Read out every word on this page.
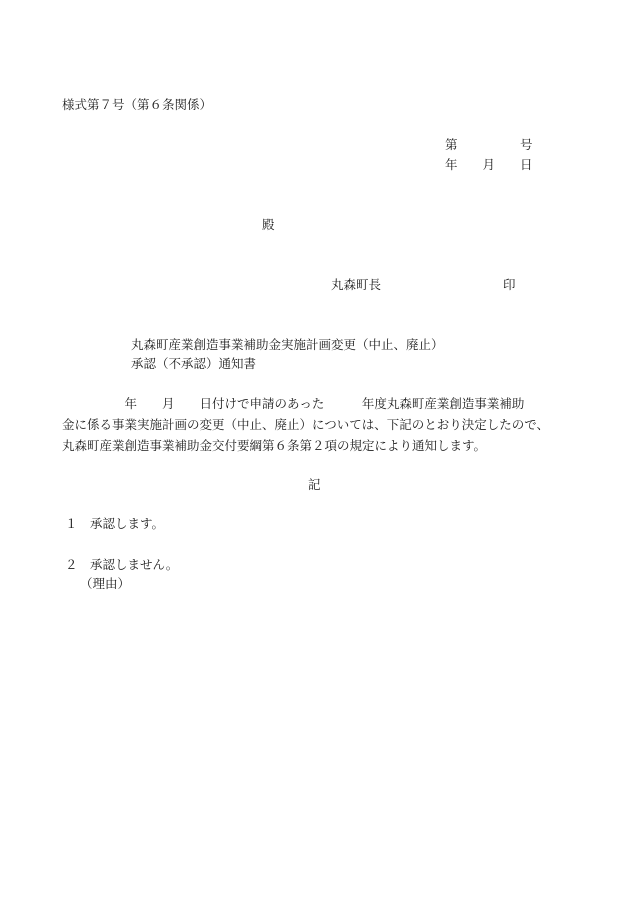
様式第７号（第６条関係）

第　　　　　号

年　　月　　日

殿

丸森町長	印

丸森町産業創造事業補助金実施計画変更（中止、廃止）

承認（不承認）通知書

　　　　　年　　月　　日付けで申請のあった　　　年度丸森町産業創造事業補助
金に係る事業実施計画の変更（中止、廃止）については、下記のとおり決定したので、
丸森町産業創造事業補助金交付要綱第６条第２項の規定により通知します。

記

１　承認します。

２　承認しません。

（理由）
